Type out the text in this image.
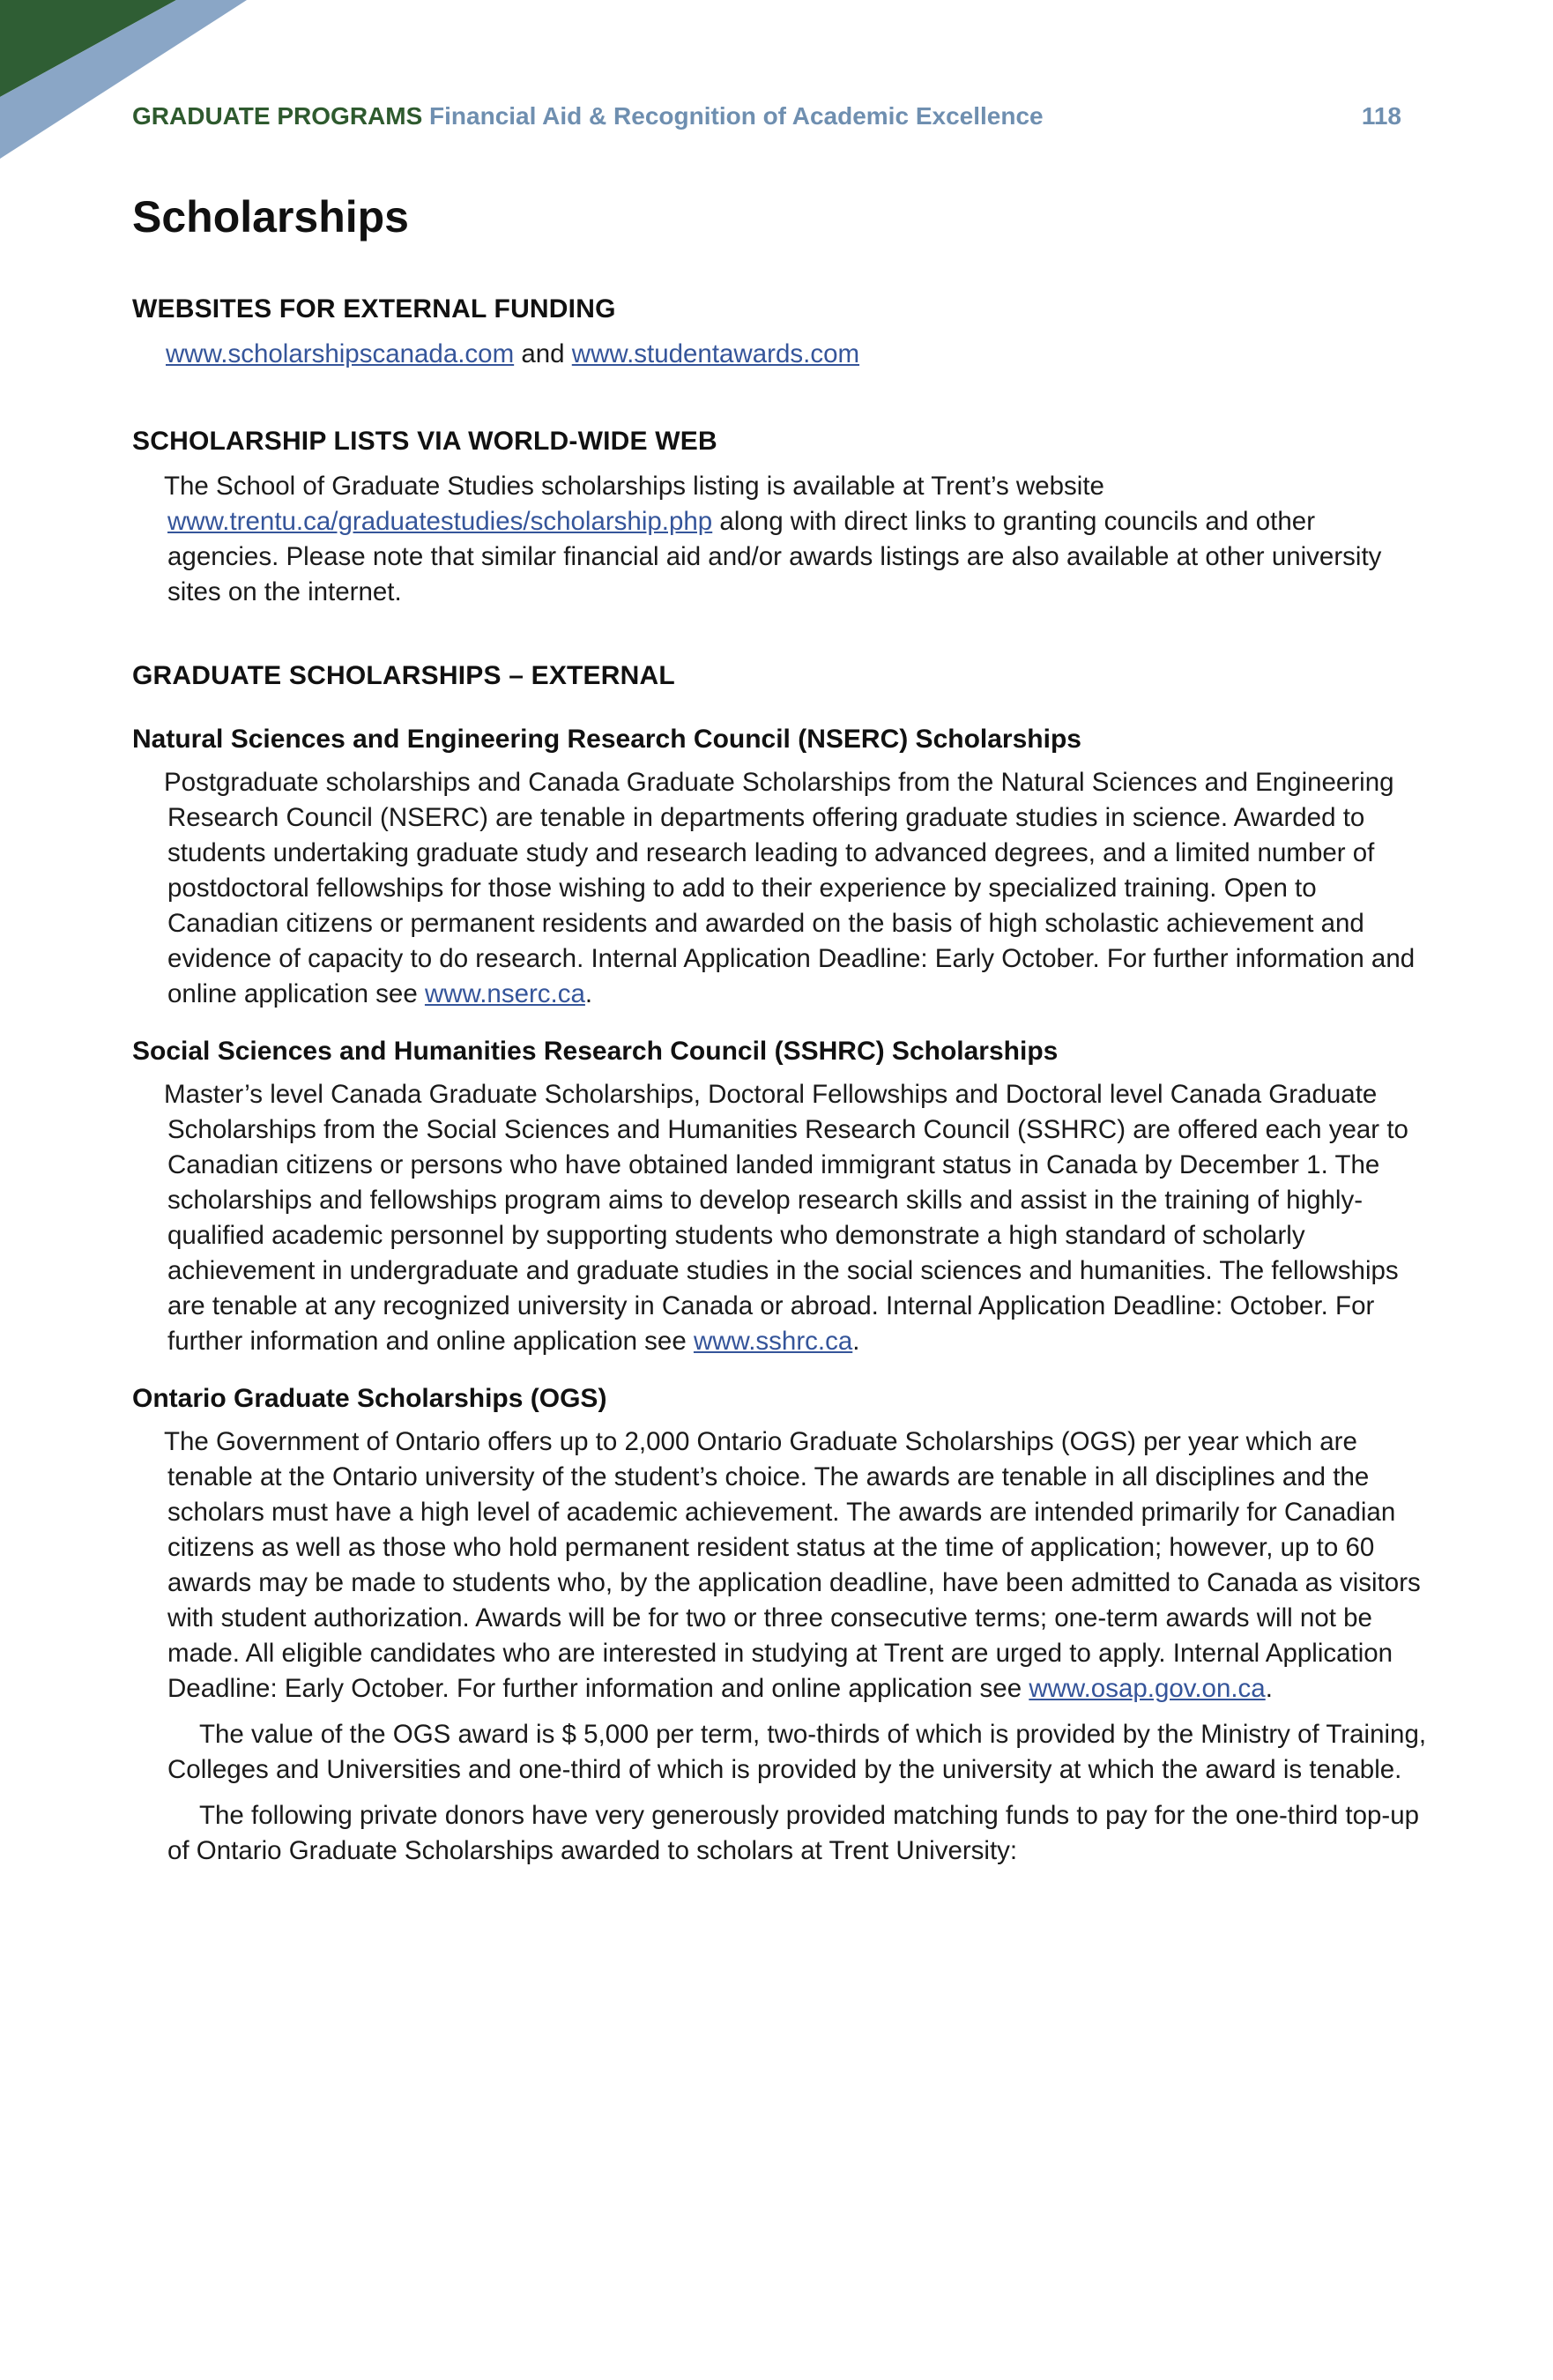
GRADUATE PROGRAMS Financial Aid & Recognition of Academic Excellence	118
Scholarships
WEBSITES FOR EXTERNAL FUNDING

www.scholarshipscanada.com and www.studentawards.com

SCHOLARSHIP LISTS VIA WORLD-WIDE WEB

The School of Graduate Studies scholarships listing is available at Trent’s website www.trentu.ca/graduatestudies/scholarship.php along with direct links to granting councils and other agencies. Please note that similar financial aid and/or awards listings are also available at other university sites on the internet.

GRADUATE SCHOLARSHIPS – EXTERNAL
Natural Sciences and Engineering Research Council (NSERC) Scholarships

Postgraduate scholarships and Canada Graduate Scholarships from the Natural Sciences and Engineering Research Council (NSERC) are tenable in departments offering graduate studies in science. Awarded to students undertaking graduate study and research leading to advanced degrees, and a limited number of postdoctoral fellowships for those wishing to add to their experience by specialized training. Open to Canadian citizens or permanent residents and awarded on the basis of high scholastic achievement and evidence of capacity to do research. Internal Application Deadline: Early October. For further information and online application see www.nserc.ca.

Social Sciences and Humanities Research Council (SSHRC) Scholarships

Master’s level Canada Graduate Scholarships, Doctoral Fellowships and Doctoral level Canada Graduate Scholarships from the Social Sciences and Humanities Research Council (SSHRC) are offered each year to Canadian citizens or persons who have obtained landed immigrant status in Canada by December 1. The scholarships and fellowships program aims to develop research skills and assist in the training of highly-qualified academic personnel by supporting students who demonstrate a high standard of scholarly achievement in undergraduate and graduate studies in the social sciences and humanities. The fellowships are tenable at any recognized university in Canada or abroad. Internal Application Deadline: October. For further information and online application see www.sshrc.ca.

Ontario Graduate Scholarships (OGS)

The Government of Ontario offers up to 2,000 Ontario Graduate Scholarships (OGS) per year which are tenable at the Ontario university of the student’s choice. The awards are tenable in all disciplines and the scholars must have a high level of academic achievement. The awards are intended primarily for Canadian citizens as well as those who hold permanent resident status at the time of application; however, up to 60 awards may be made to students who, by the application deadline, have been admitted to Canada as visitors with student authorization. Awards will be for two or three consecutive terms; one-term awards will not be made. All eligible candidates who are interested in studying at Trent are urged to apply. Internal Application Deadline: Early October. For further information and online application see www.osap.gov.on.ca.

The value of the OGS award is $ 5,000 per term, two-thirds of which is provided by the Ministry of Training, Colleges and Universities and one-third of which is provided by the university at which the award is tenable.

The following private donors have very generously provided matching funds to pay for the one-third top-up of Ontario Graduate Scholarships awarded to scholars at Trent University:
